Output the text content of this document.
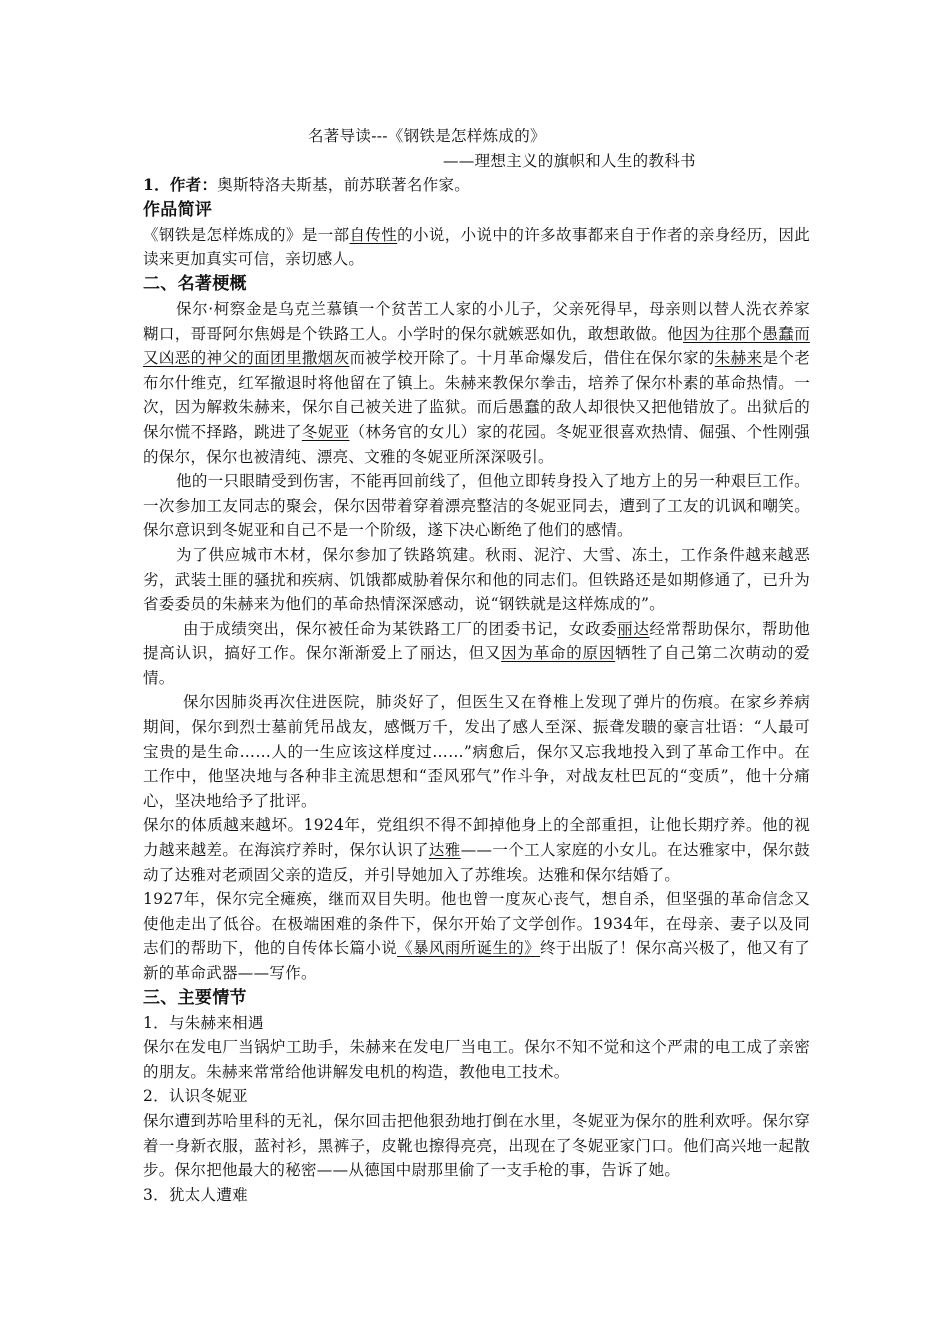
名著导读---《钢铁是怎样炼成的》
——理想主义的旗帜和人生的教科书

1．作者：奥斯特洛夫斯基，前苏联著名作家。

作品简评

《钢铁是怎样炼成的》是一部自传性的小说，小说中的许多故事都来自于作者的亲身经历，因此读来更加真实可信，亲切感人。

二、名著梗概

保尔·柯察金是乌克兰慕镇一个贫苦工人家的小儿子，父亲死得早，母亲则以替人洗衣养家糊口，哥哥阿尔焦姆是个铁路工人。小学时的保尔就嫉恶如仇，敢想敢做。他因为往那个愚蠢而又凶恶的神父的面团里撒烟灰而被学校开除了。十月革命爆发后，借住在保尔家的朱赫来是个老布尔什维克，红军撤退时将他留在了镇上。朱赫来教保尔拳击，培养了保尔朴素的革命热情。一次，因为解救朱赫来，保尔自己被关进了监狱。而后愚蠢的敌人却很快又把他错放了。出狱后的保尔慌不择路，跳进了冬妮亚（林务官的女儿）家的花园。冬妮亚很喜欢热情、倔强、个性刚强的保尔，保尔也被清纯、漂亮、文雅的冬妮亚所深深吸引。

他的一只眼睛受到伤害，不能再回前线了，但他立即转身投入了地方上的另一种艰巨工作。一次参加工友同志的聚会，保尔因带着穿着漂亮整洁的冬妮亚同去，遭到了工友的讥讽和嘲笑。保尔意识到冬妮亚和自己不是一个阶级，遂下决心断绝了他们的感情。

为了供应城市木材，保尔参加了铁路筑建。秋雨、泥泞、大雪、冻土，工作条件越来越恶劣，武装土匪的骚扰和疾病、饥饿都威胁着保尔和他的同志们。但铁路还是如期修通了，已升为省委委员的朱赫来为他们的革命热情深深感动，说“钢铁就是这样炼成的”。

由于成绩突出，保尔被任命为某铁路工厂的团委书记，女政委丽达经常帮助保尔，帮助他提高认识，搞好工作。保尔渐渐爱上了丽达，但又因为革命的原因牺牲了自己第二次萌动的爱情。

保尔因肺炎再次住进医院，肺炎好了，但医生又在脊椎上发现了弹片的伤痕。在家乡养病期间，保尔到烈士墓前凭吊战友，感慨万千，发出了感人至深、振聋发聩的豪言壮语：“人最可宝贵的是生命……人的一生应该这样度过……”病愈后，保尔又忘我地投入到了革命工作中。在工作中，他坚决地与各种非主流思想和“歪风邪气”作斗争，对战友杜巴瓦的“变质”，他十分痛心，坚决地给予了批评。

保尔的体质越来越坏。1924年，党组织不得不卸掉他身上的全部重担，让他长期疗养。他的视力越来越差。在海滨疗养时，保尔认识了达雅——一个工人家庭的小女儿。在达雅家中，保尔鼓动了达雅对老顽固父亲的造反，并引导她加入了苏维埃。达雅和保尔结婚了。

1927年，保尔完全瘫痪，继而双目失明。他也曾一度灰心丧气，想自杀，但坚强的革命信念又使他走出了低谷。在极端困难的条件下，保尔开始了文学创作。1934年，在母亲、妻子以及同志们的帮助下，他的自传体长篇小说《暴风雨所诞生的》终于出版了！保尔高兴极了，他又有了新的革命武器——写作。

三、主要情节
1．与朱赫来相遇

保尔在发电厂当锅炉工助手，朱赫来在发电厂当电工。保尔不知不觉和这个严肃的电工成了亲密的朋友。朱赫来常常给他讲解发电机的构造，教他电工技术。

2．认识冬妮亚

保尔遭到苏哈里科的无礼，保尔回击把他狠劲地打倒在水里，冬妮亚为保尔的胜利欢呼。保尔穿着一身新衣服，蓝衬衫，黑裤子，皮靴也擦得亮亮，出现在了冬妮亚家门口。他们高兴地一起散步。保尔把他最大的秘密——从德国中尉那里偷了一支手枪的事，告诉了她。

3．犹太人遭难
